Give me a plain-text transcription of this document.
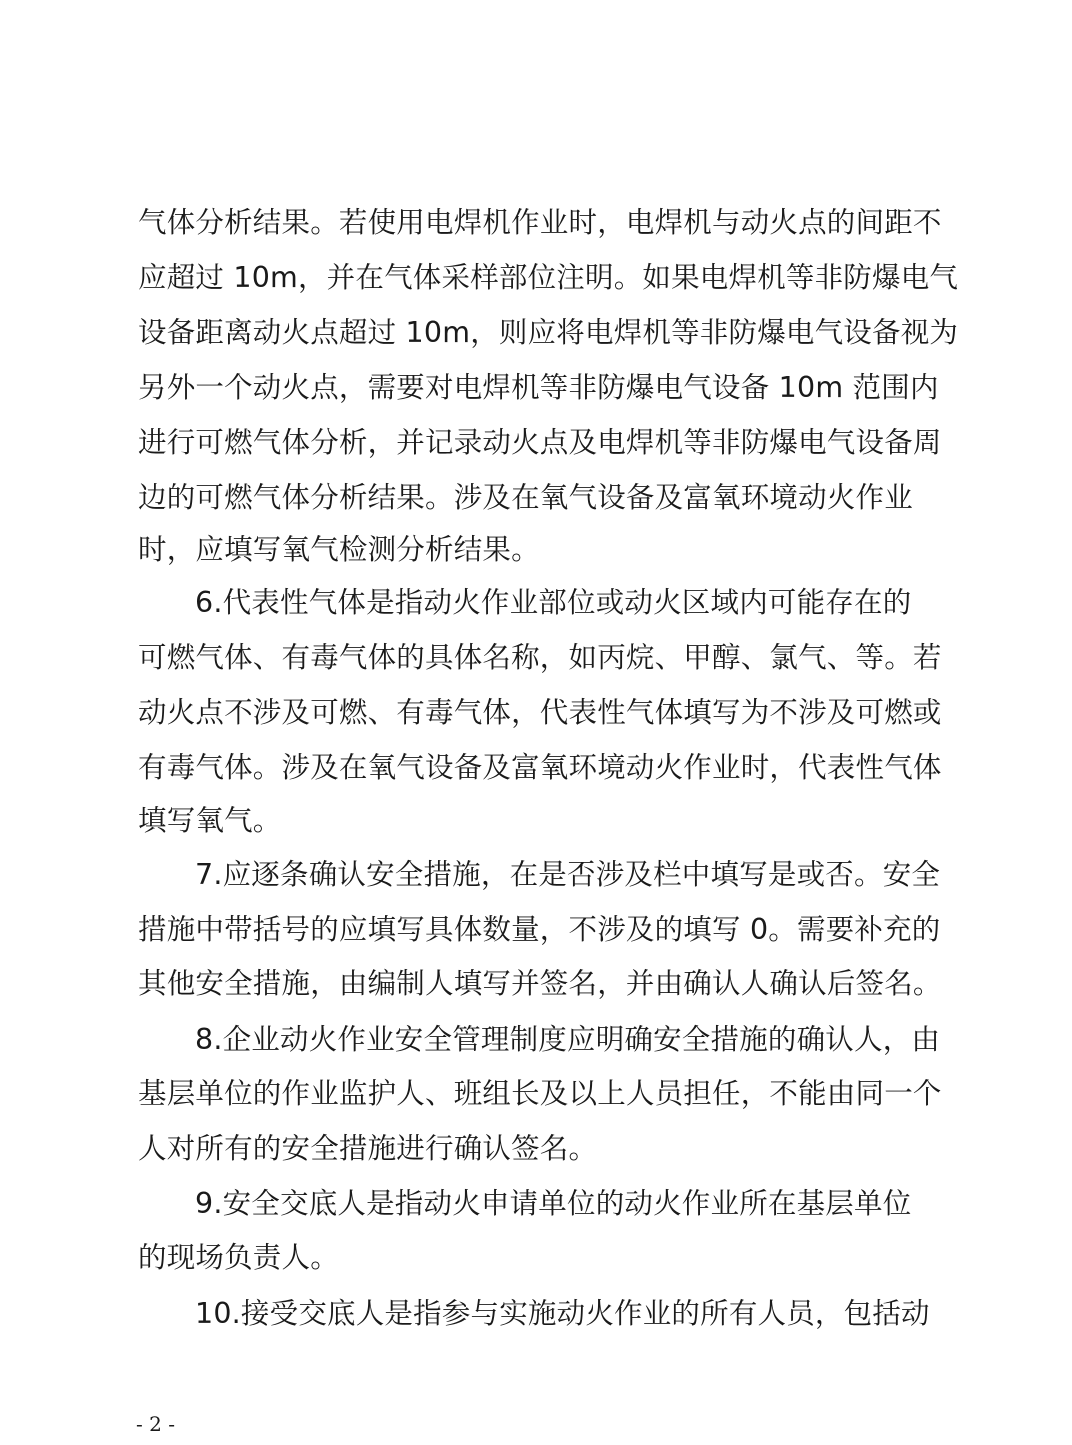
气体分析结果。若使用电焊机作业时，电焊机与动火点的间距不
应超过 10m，并在气体采样部位注明。如果电焊机等非防爆电气
设备距离动火点超过 10m，则应将电焊机等非防爆电气设备视为
另外一个动火点，需要对电焊机等非防爆电气设备 10m 范围内
进行可燃气体分析，并记录动火点及电焊机等非防爆电气设备周
边的可燃气体分析结果。涉及在氧气设备及富氧环境动火作业
时，应填写氧气检测分析结果。
6.代表性气体是指动火作业部位或动火区域内可能存在的
可燃气体、有毒气体的具体名称，如丙烷、甲醇、氯气、等。若
动火点不涉及可燃、有毒气体，代表性气体填写为不涉及可燃或
有毒气体。涉及在氧气设备及富氧环境动火作业时，代表性气体
填写氧气。
7.应逐条确认安全措施，在是否涉及栏中填写是或否。安全
措施中带括号的应填写具体数量，不涉及的填写 0。需要补充的
其他安全措施，由编制人填写并签名，并由确认人确认后签名。
8.企业动火作业安全管理制度应明确安全措施的确认人，由
基层单位的作业监护人、班组长及以上人员担任，不能由同一个
人对所有的安全措施进行确认签名。
9.安全交底人是指动火申请单位的动火作业所在基层单位
的现场负责人。
10.接受交底人是指参与实施动火作业的所有人员，包括动
- 2 -
